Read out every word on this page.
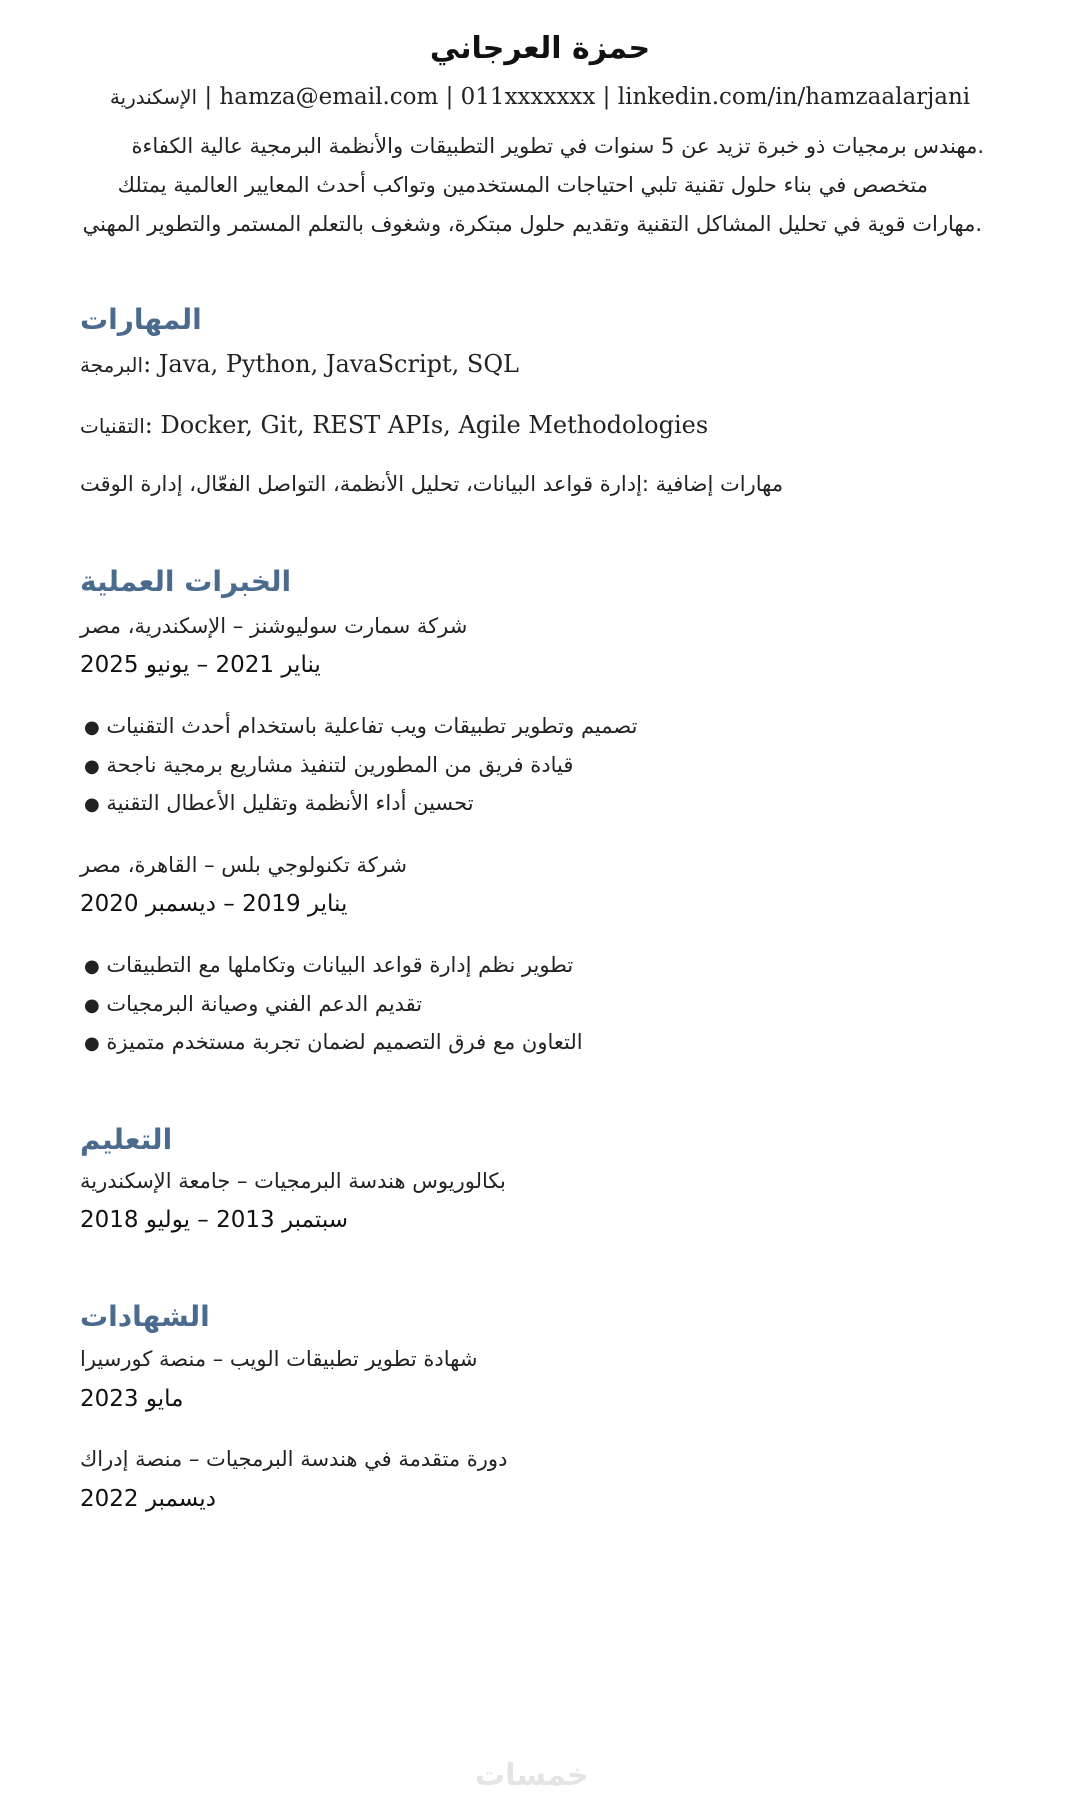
حمزة العرجاني
الإسكندرية | hamza@email.com | 011xxxxxxx | linkedin.com/in/hamzaalarjani
.مهندس برمجيات ذو خبرة تزيد عن 5 سنوات في تطوير التطبيقات والأنظمة البرمجية عالية الكفاءة
متخصص في بناء حلول تقنية تلبي احتياجات المستخدمين وتواكب أحدث المعايير العالمية يمتلك
.مهارات قوية في تحليل المشاكل التقنية وتقديم حلول مبتكرة، وشغوف بالتعلم المستمر والتطوير المهني
المهارات
البرمجة: Java, Python, JavaScript, SQL
التقنيات: Docker, Git, REST APIs, Agile Methodologies
مهارات إضافية :إدارة قواعد البيانات، تحليل الأنظمة، التواصل الفعّال، إدارة الوقت
الخبرات العملية
شركة سمارت سوليوشنز – الإسكندرية، مصر
يناير 2021 – يونيو 2025
تصميم وتطوير تطبيقات ويب تفاعلية باستخدام أحدث التقنيات ●
قيادة فريق من المطورين لتنفيذ مشاريع برمجية ناجحة ●
تحسين أداء الأنظمة وتقليل الأعطال التقنية ●
شركة تكنولوجي بلس – القاهرة، مصر
يناير 2019 – ديسمبر 2020
تطوير نظم إدارة قواعد البيانات وتكاملها مع التطبيقات ●
تقديم الدعم الفني وصيانة البرمجيات ●
التعاون مع فرق التصميم لضمان تجربة مستخدم متميزة ●
التعليم
بكالوريوس هندسة البرمجيات – جامعة الإسكندرية
سبتمبر 2013 – يوليو 2018
الشهادات
شهادة تطوير تطبيقات الويب – منصة كورسيرا
مايو 2023
دورة متقدمة في هندسة البرمجيات – منصة إدراك
ديسمبر 2022
خمسات
